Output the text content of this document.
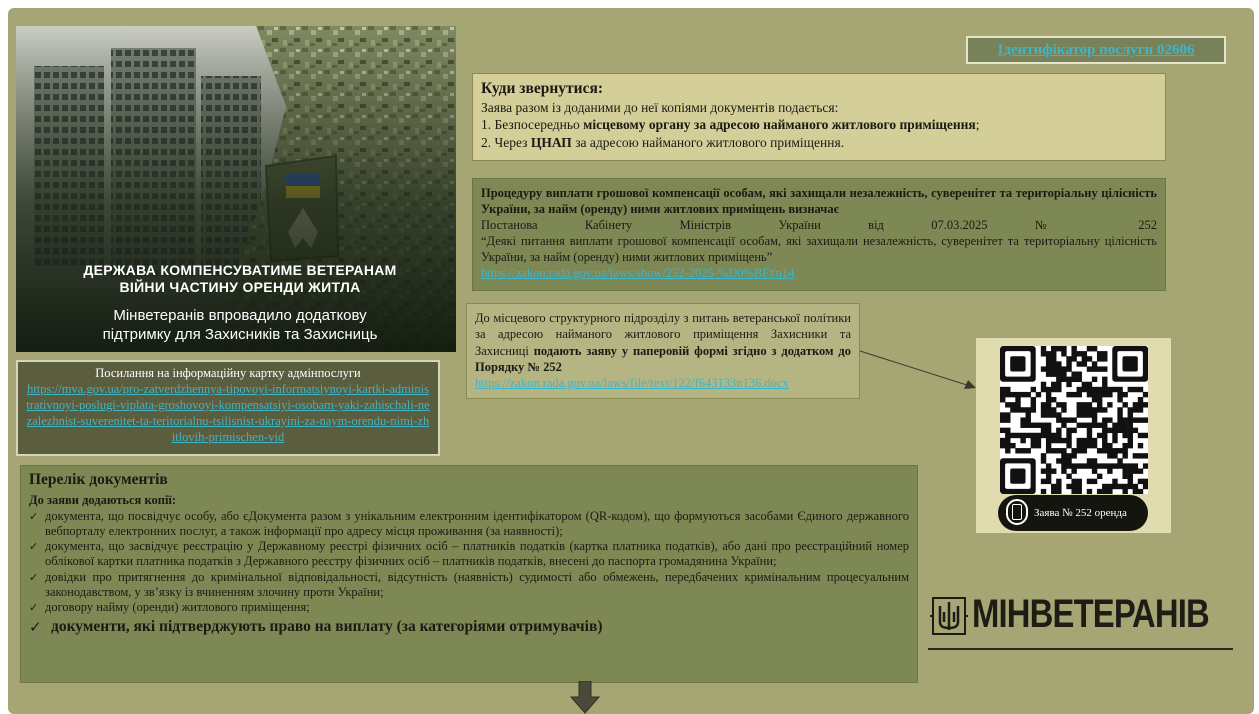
ДЕРЖАВА КОМПЕНСУВАТИМЕ ВЕТЕРАНАМ
ВІЙНИ ЧАСТИНУ ОРЕНДИ ЖИТЛА
Мінветеранів впровадило додаткову
підтримку для Захисників та Захисниць
Ідентифікатор послуги 02606
Куди звернутися:
Заява разом із доданими до неї копіями документів подається:
1. Безпосередньо місцевому органу за адресою найманого житлового приміщення;
2. Через ЦНАП за адресою найманого житлового приміщення.
Процедуру виплати грошової компенсації особам, які захищали незалежність, суверенітет та територіальну цілісність України, за найм (оренду) ними житлових приміщень визначає
Постанова Кабінету Міністрів України від 07.03.2025 № 252
“Деякі питання виплати грошової компенсації особам, які захищали незалежність, суверенітет та територіальну цілісність України, за найм (оренду) ними житлових приміщень”
https://zakon.rada.gov.ua/laws/show/252-2025-%D0%BF#n14
До місцевого структурного підрозділу з питань ветеранської політики за адресою найманого житлового приміщення Захисники та Захисниці подають заяву у паперовій формі згідно з додатком до Порядку № 252
https://zakon.rada.gov.ua/laws/file/text/122/f643133n136.docx
Посилання на інформаційну картку адмінпослуги
https://mva.gov.ua/pro-zatverdzhennya-tipovoyi-informatsiynoyi-kartki-administrativnoyi-poslugi-viplata-groshovoyi-kompensatsiyi-osobam-yaki-zahischali-nezalezhnist-suverenitet-ta-teritorialnu-tsilisnist-ukrayini-za-naym-orendu-nimi-zhitlovih-primischen-vid
Заява № 252 оренда
Перелік документів
До заяви додаються копії:
✓ документа, що посвідчує особу, або єДокумента разом з унікальним електронним ідентифікатором (QR-кодом), що формуються засобами Єдиного державного вебпорталу електронних послуг, а також інформації про адресу місця проживання (за наявності);
✓ документа, що засвідчує реєстрацію у Державному реєстрі фізичних осіб – платників податків (картка платника податків), або дані про реєстраційний номер облікової картки платника податків з Державного реєстру фізичних осіб – платників податків, внесені до паспорта громадянина України;
✓ довідки про притягнення до кримінальної відповідальності, відсутність (наявність) судимості або обмежень, передбачених кримінальним процесуальним законодавством, у зв’язку із вчиненням злочину проти України;
✓ договору найму (оренди) житлового приміщення;
✓ документи, які підтверджують право на виплату (за категоріями отримувачів)	МІНВЕТЕРАНІВ
